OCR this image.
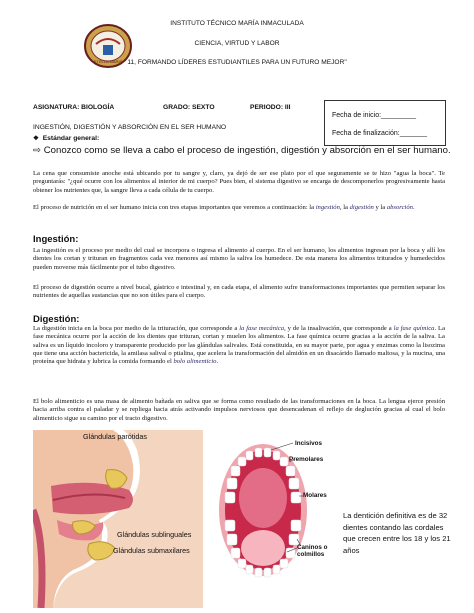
STELLA MARIS
INSTITUTO TÉCNICO MARÍA INMACULADA
CIENCIA, VIRTUD Y LABOR
11, FORMANDO LÍDERES ESTUDIANTILES PARA UN FUTURO MEJOR"
ASIGNATURA: BIOLOGÍA	GRADO: SEXTO	PERIODO: III
Fecha de inicio:_________
Fecha de finalización:_______
INGESTIÓN, DIGESTIÓN Y ABSORCIÓN EN EL SER HUMANO
❖ Estándar general:
⇨ Conozco como se lleva a cabo el proceso de ingestión, digestión y absorción en el ser humano.
La cena que consumiste anoche está ubicando por tu sangre y, claro, ya dejó de ser ese plato por el que seguramente se te hizo "agua la boca". Te preguntarás: "¿qué ocurre con los alimentos al interior de mi cuerpo? Pues bien, el sistema digestivo se encarga de descomponerlos progresivamente hasta obtener los nutrientes que, la sangre lleva a cada célula de tu cuerpo.
El proceso de nutrición en el ser humano inicia con tres etapas importantes que veremos a continuación: la ingestión, la digestión y la absorción.
Ingestión:
La ingestión es el proceso por medio del cual se incorpora o ingresa el alimento al cuerpo. En el ser humano, los alimentos ingresan por la boca y allí los dientes los cortan y trituran en fragmentos cada vez menores así mismo la saliva los humedece. De esta manera los alimentos triturados y humedecidos pueden moverse más fácilmente por el tubo digestivo.
El proceso de digestión ocurre a nivel bucal, gástrico e intestinal y, en cada etapa, el alimento sufre transformaciones importantes que permiten separar los nutrientes de aquellas sustancias que no son útiles para el cuerpo.
Digestión:
La digestión inicia en la boca por medio de la trituración, que corresponde a la fase mecánica, y de la insalivación, que corresponde a la fase química. La fase mecánica ocurre por la acción de los dientes que trituran, cortan y muelen los alimentos. La fase química ocurre gracias a la acción de la saliva. La saliva es un líquido incoloro y transparente producido por las glándulas salivales. Está constituida, en su mayor parte, por agua y enzimas como la lisozima que tiene una acción bactericida, la amilasa salival o ptialina, que acelera la transformación del almidón en un disacárido llamado maltosa, y la mucina, una proteína que hidrata y lubrica la comida formando el bolo alimenticio.
El bolo alimenticio es una masa de alimento bañada en saliva que se forma como resultado de las transformaciones en la boca. La lengua ejerce presión hacia arriba contra el paladar y se repliega hacia atrás activando impulsos nerviosos que desencadenan el reflejo de deglución gracias al cual el bolo alimenticio sigue su camino por el tracto digestivo.
Glándulas parótidas
Glándulas sublinguales
Glándulas submaxilares
Incisivos
Premolares
Molares
Caninos o colmillos
La dentición definitiva es de 32 dientes contando las cordales que crecen entre los 18 y los 21 años
